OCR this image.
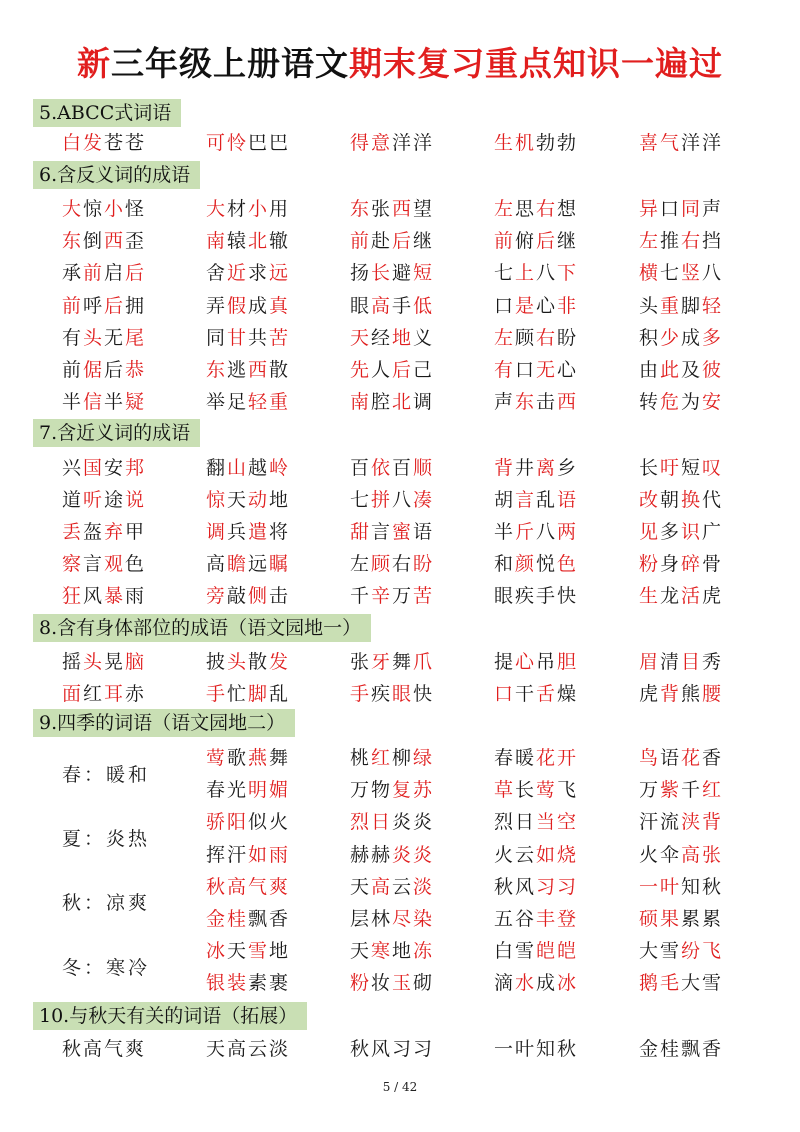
新三年级上册语文期末复习重点知识一遍过
5.ABCC式词语
6.含反义词的成语
7.含近义词的成语
8.含有身体部位的成语（语文园地一）
9.四季的词语（语文园地二）
10.与秋天有关的词语（拓展）
白发苍苍	可怜巴巴	得意洋洋	生机勃勃	喜气洋洋
大惊小怪	大材小用	东张西望	左思右想	异口同声
东倒西歪	南辕北辙	前赴后继	前俯后继	左推右挡
承前启后	舍近求远	扬长避短	七上八下	横七竖八
前呼后拥	弄假成真	眼高手低	口是心非	头重脚轻
有头无尾	同甘共苦	天经地义	左顾右盼	积少成多
前倨后恭	东逃西散	先人后己	有口无心	由此及彼
半信半疑	举足轻重	南腔北调	声东击西	转危为安
兴国安邦	翻山越岭	百依百顺	背井离乡	长吁短叹
道听途说	惊天动地	七拼八凑	胡言乱语	改朝换代
丢盔弃甲	调兵遣将	甜言蜜语	半斤八两	见多识广
察言观色	高瞻远瞩	左顾右盼	和颜悦色	粉身碎骨
狂风暴雨	旁敲侧击	千辛万苦	眼疾手快	生龙活虎
摇头晃脑	披头散发	张牙舞爪	提心吊胆	眉清目秀
面红耳赤	手忙脚乱	手疾眼快	口干舌燥	虎背熊腰
春：暖和
莺歌燕舞	桃红柳绿	春暖花开	鸟语花香
春光明媚	万物复苏	草长莺飞	万紫千红
夏：炎热
骄阳似火	烈日炎炎	烈日当空	汗流浃背
挥汗如雨	赫赫炎炎	火云如烧	火伞高张
秋：凉爽
秋高气爽	天高云淡	秋风习习	一叶知秋
金桂飘香	层林尽染	五谷丰登	硕果累累
冬：寒冷
冰天雪地	天寒地冻	白雪皑皑	大雪纷飞
银装素裹	粉妆玉砌	滴水成冰	鹅毛大雪
秋高气爽	天高云淡	秋风习习	一叶知秋	金桂飘香
5 / 42
